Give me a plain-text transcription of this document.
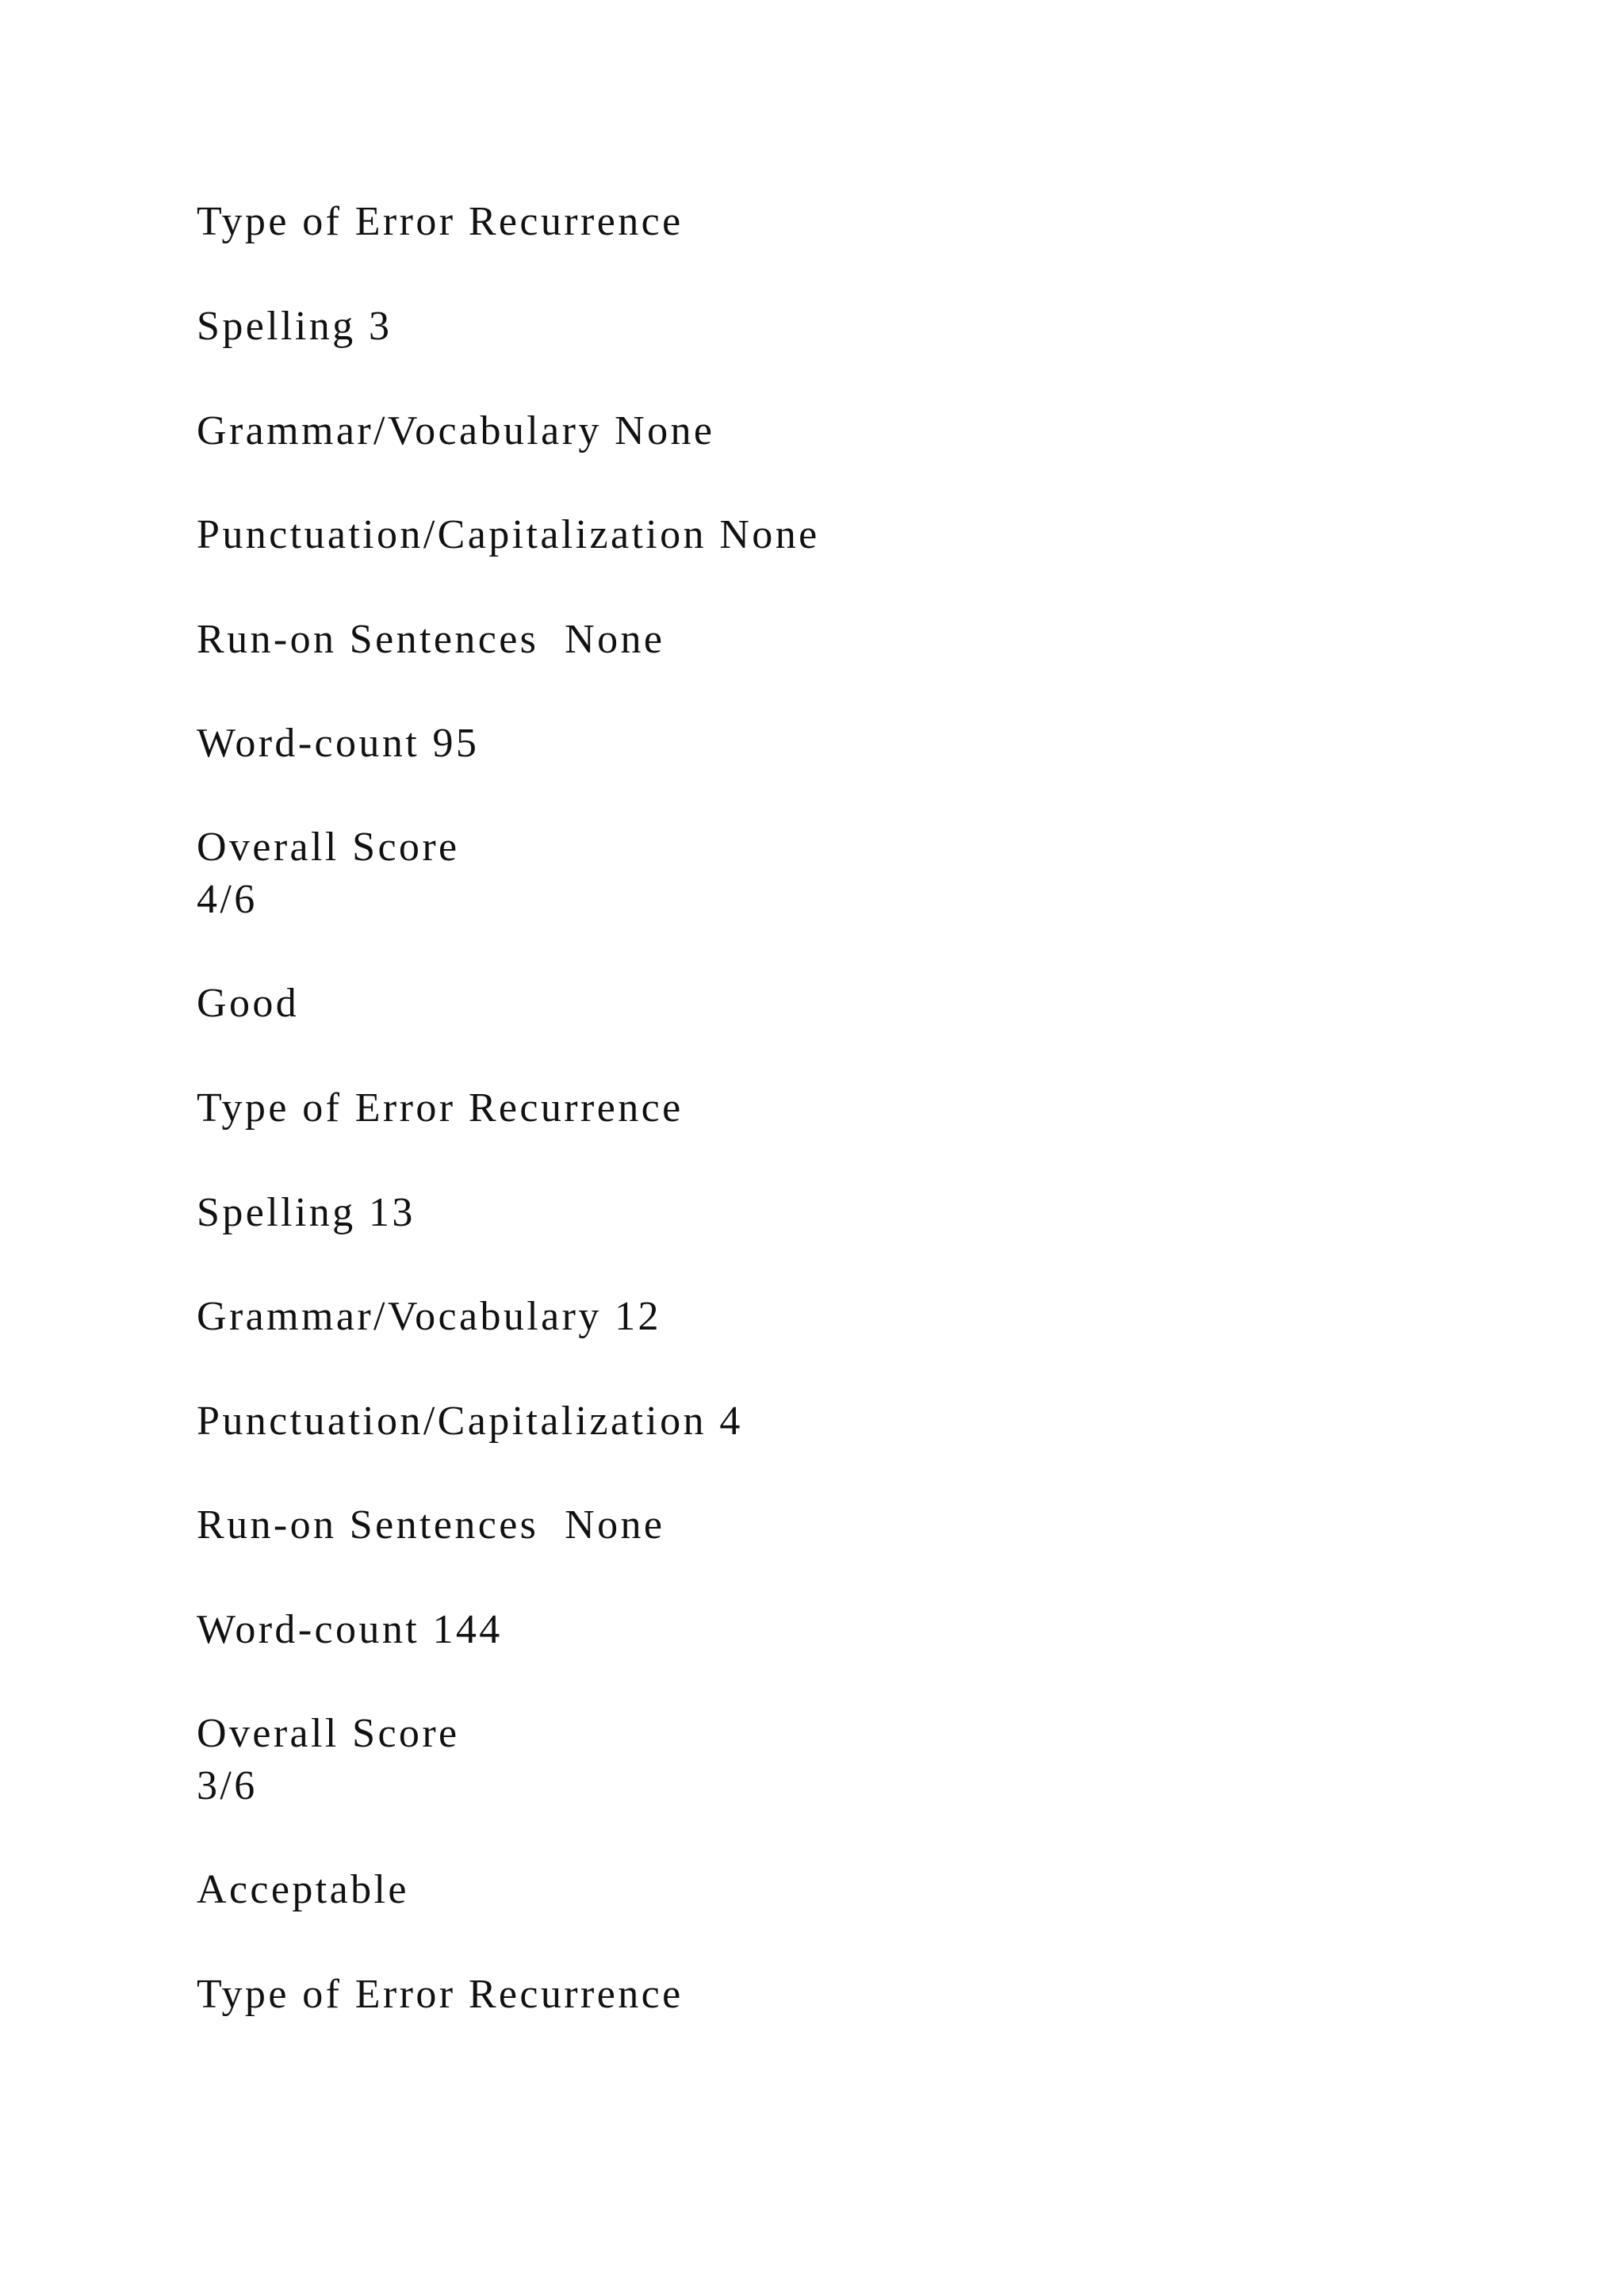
Type of Error Recurrence

Spelling 3

Grammar/Vocabulary None

Punctuation/Capitalization None

Run-on Sentences  None

Word-count 95

Overall Score

4/6

Good

Type of Error Recurrence

Spelling 13

Grammar/Vocabulary 12

Punctuation/Capitalization 4

Run-on Sentences  None

Word-count 144

Overall Score

3/6

Acceptable

Type of Error Recurrence
